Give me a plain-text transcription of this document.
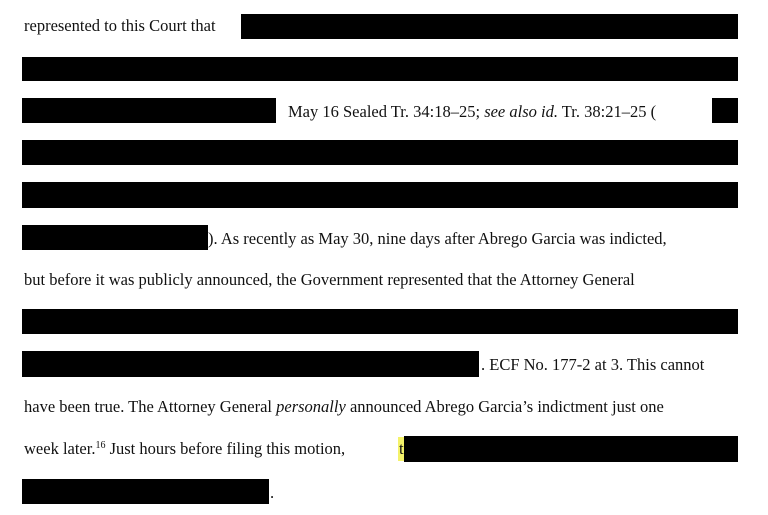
represented to this Court that
May 16 Sealed Tr. 34:18–25; see also id. Tr. 38:21–25 (
). As recently as May 30, nine days after Abrego Garcia was indicted,
but before it was publicly announced, the Government represented that the Attorney General
. ECF No. 177-2 at 3. This cannot
have been true. The Attorney General personally announced Abrego Garcia’s indictment just one
week later.$^{16}$ Just hours before filing this motion,	t
.
